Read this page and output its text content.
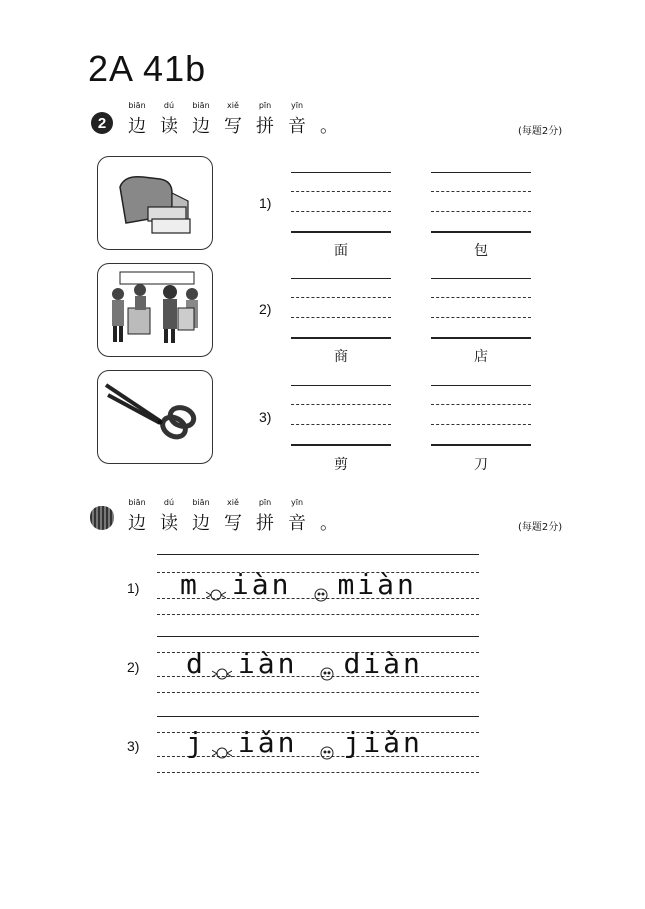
2A 41b
2
biān
边
dú
读
biān
边
xiě
写
pīn
拼
yīn
音 。	(每题2分)
1)
2)
3)
面	包
商	店
剪	刀
biān
边
dú
读
biān
边
xiě
写
pīn
拼
yīn
音 。	(每题2分)
1) m iàn miàn
2) d iàn diàn
3) j iǎn jiǎn
